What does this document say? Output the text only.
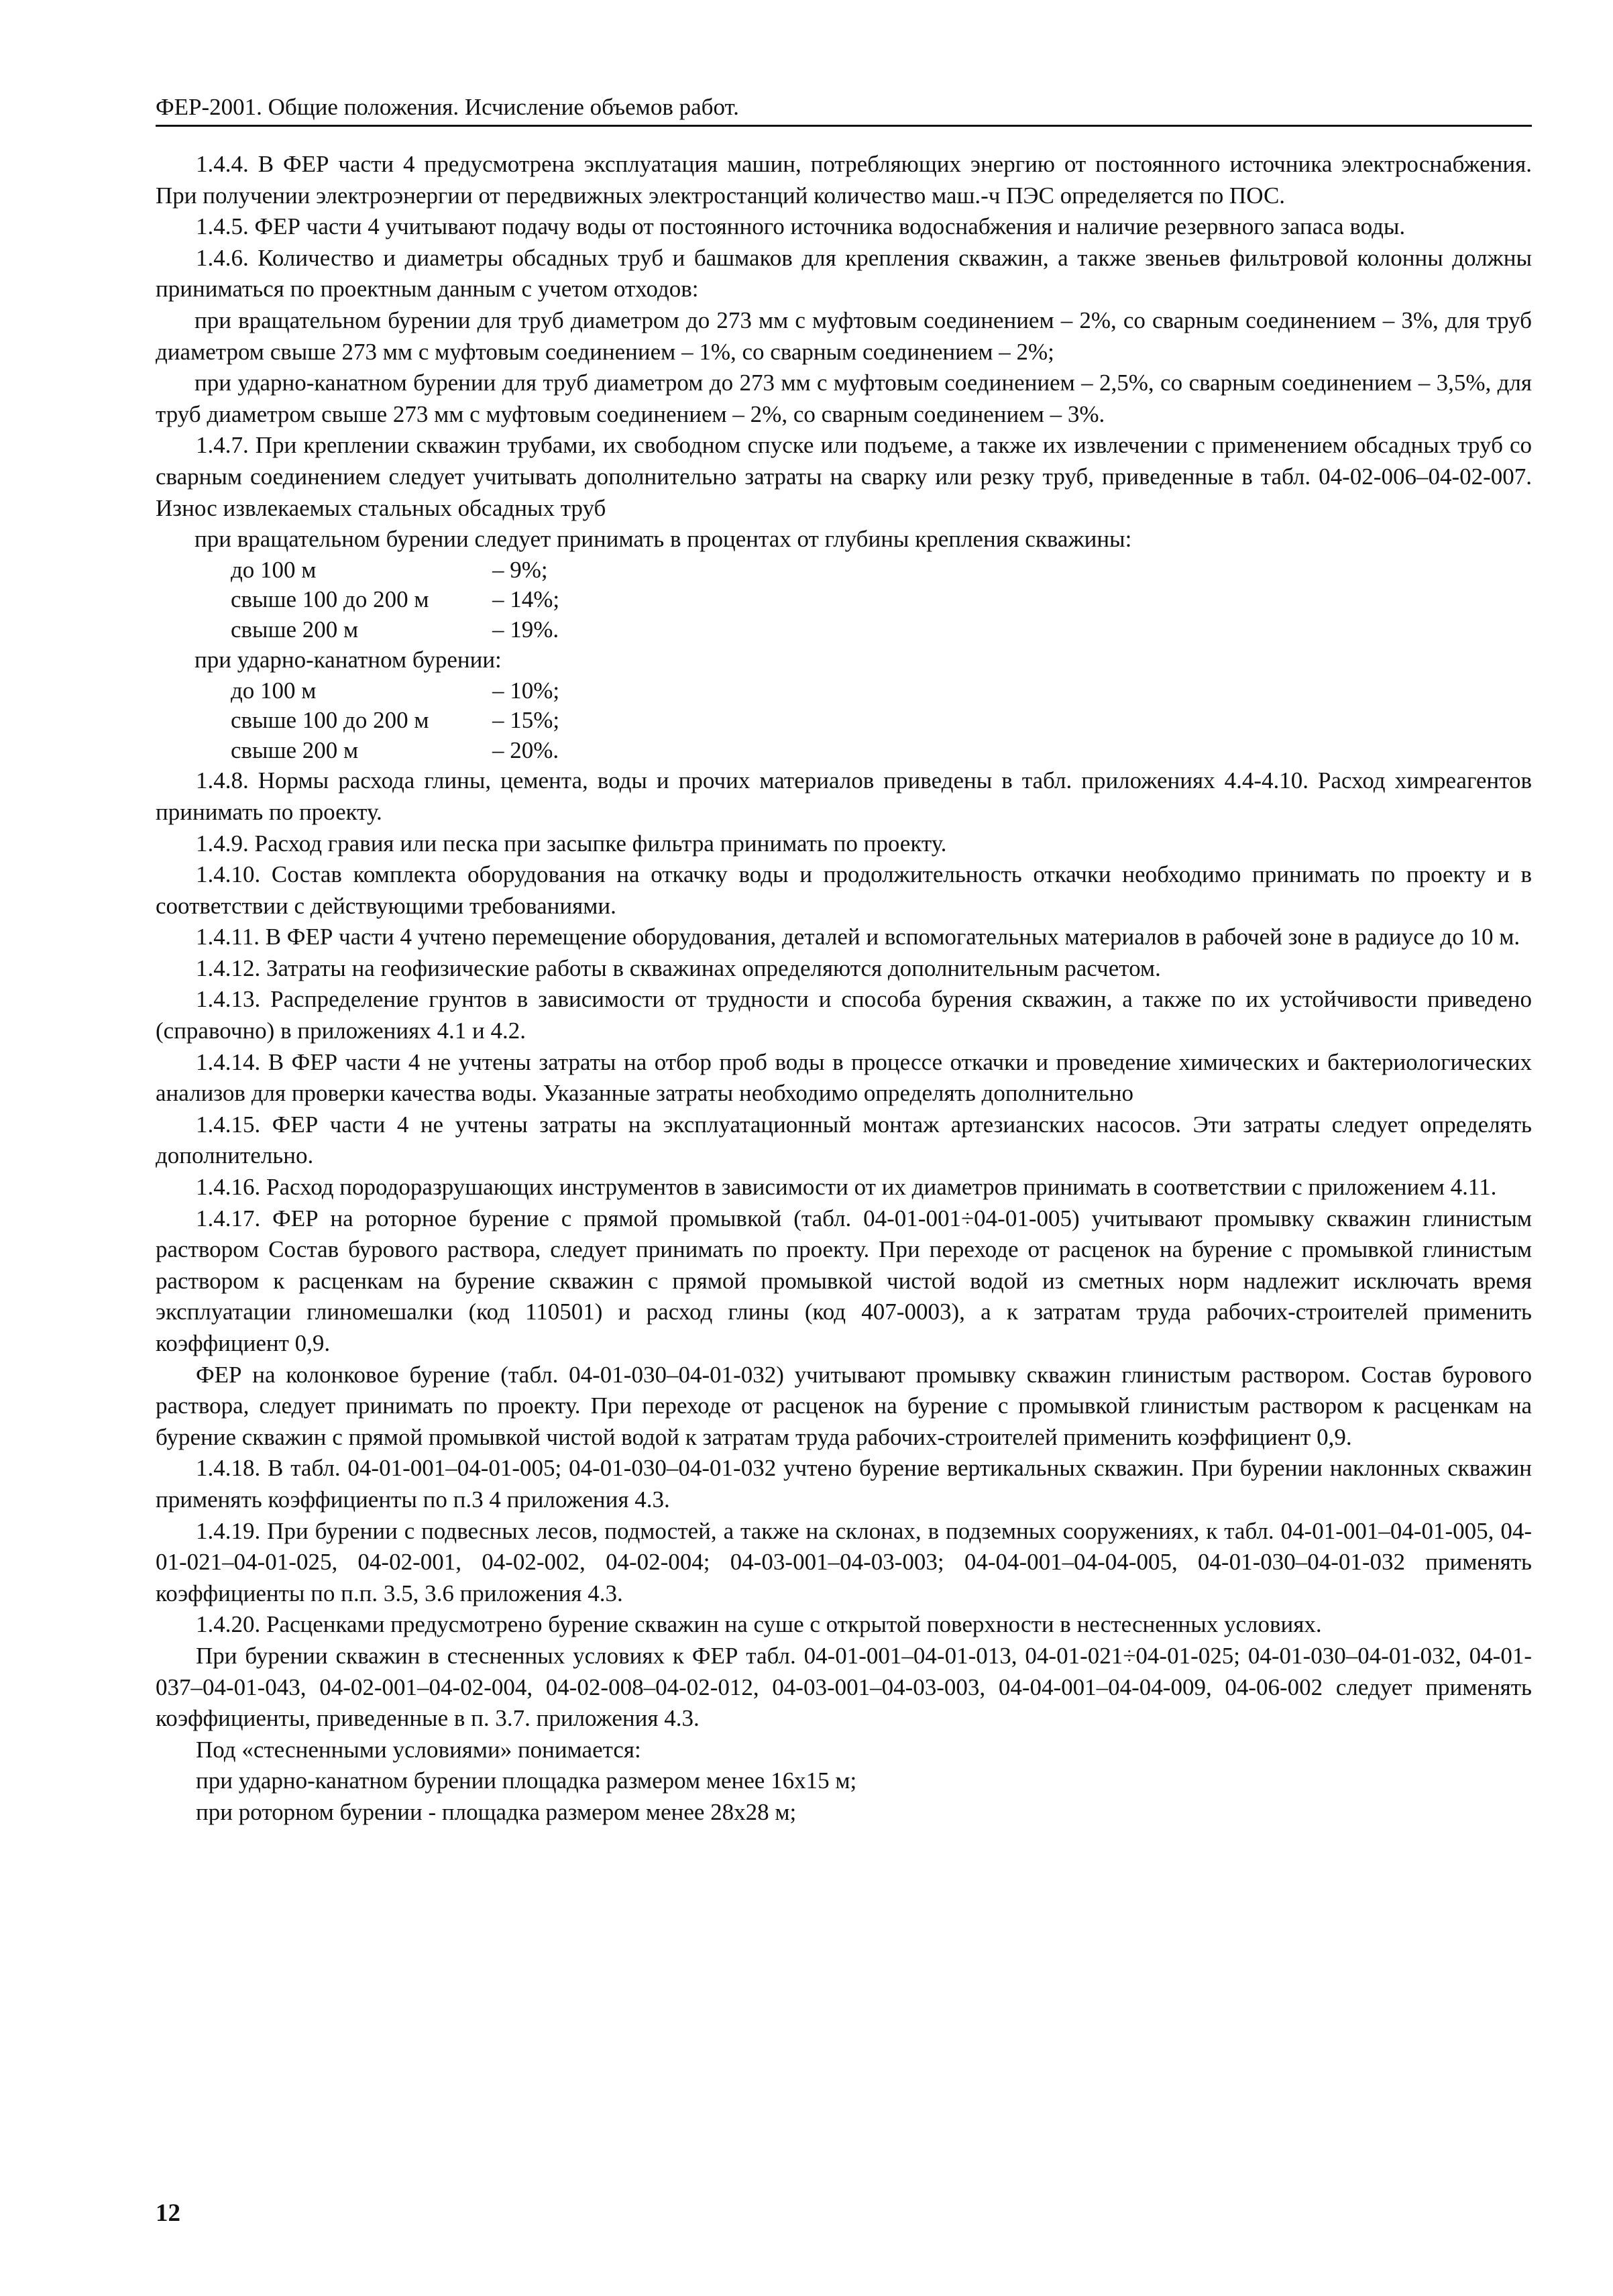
ФЕР-2001. Общие положения. Исчисление объемов работ.

1.4.4. В ФЕР части 4 предусмотрена эксплуатация машин, потребляющих энергию от постоянного источника электроснабжения. При получении электроэнергии от передвижных электростанций количество маш.-ч ПЭС определяется по ПОС.

1.4.5. ФЕР части 4 учитывают подачу воды от постоянного источника водоснабжения и наличие резервного запаса воды.

1.4.6. Количество и диаметры обсадных труб и башмаков для крепления скважин, а также звеньев фильтровой колонны должны приниматься по проектным данным с учетом отходов:

при вращательном бурении для труб диаметром до 273 мм с муфтовым соединением – 2%, со сварным соединением – 3%, для труб диаметром свыше 273 мм с муфтовым соединением – 1%, со сварным соединением – 2%;

при ударно-канатном бурении для труб диаметром до 273 мм с муфтовым соединением – 2,5%, со сварным соединением – 3,5%, для труб диаметром свыше 273 мм с муфтовым соединением – 2%, со сварным соединением – 3%.

1.4.7. При креплении скважин трубами, их свободном спуске или подъеме, а также их извлечении с применением обсадных труб со сварным соединением следует учитывать дополнительно затраты на сварку или резку труб, приведенные в табл. 04-02-006–04-02-007. Износ извлекаемых стальных обсадных труб

при вращательном бурении следует принимать в процентах от глубины крепления скважины:

до 100 м	– 9%;
свыше 100 до 200 м	– 14%;
свыше 200 м	– 19%.

при ударно-канатном бурении:

до 100 м	– 10%;
свыше 100 до 200 м	– 15%;
свыше 200 м	– 20%.

1.4.8. Нормы расхода глины, цемента, воды и прочих материалов приведены в табл. приложениях 4.4-4.10. Расход химреагентов принимать по проекту.

1.4.9. Расход гравия или песка при засыпке фильтра принимать по проекту.

1.4.10. Состав комплекта оборудования на откачку воды и продолжительность откачки необходимо принимать по проекту и в соответствии с действующими требованиями.

1.4.11. В ФЕР части 4 учтено перемещение оборудования, деталей и вспомогательных материалов в рабочей зоне в радиусе до 10 м.

1.4.12. Затраты на геофизические работы в скважинах определяются дополнительным расчетом.

1.4.13. Распределение грунтов в зависимости от трудности и способа бурения скважин, а также по их устойчивости приведено (справочно) в приложениях 4.1 и 4.2.

1.4.14. В ФЕР части 4 не учтены затраты на отбор проб воды в процессе откачки и проведение химических и бактериологических анализов для проверки качества воды. Указанные затраты необходимо определять дополнительно

1.4.15. ФЕР части 4 не учтены затраты на эксплуатационный монтаж артезианских насосов. Эти затраты следует определять дополнительно.

1.4.16. Расход породоразрушающих инструментов в зависимости от их диаметров принимать в соответствии с приложением 4.11.

1.4.17. ФЕР на роторное бурение с прямой промывкой (табл. 04-01-001÷04-01-005) учитывают промывку скважин глинистым раствором Состав бурового раствора, следует принимать по проекту. При переходе от расценок на бурение с промывкой глинистым раствором к расценкам на бурение скважин с прямой промывкой чистой водой из сметных норм надлежит исключать время эксплуатации глиномешалки (код 110501) и расход глины (код 407-0003), а к затратам труда рабочих-строителей применить коэффициент 0,9.

ФЕР на колонковое бурение (табл. 04-01-030–04-01-032) учитывают промывку скважин глинистым раствором. Состав бурового раствора, следует принимать по проекту. При переходе от расценок на бурение с промывкой глинистым раствором к расценкам на бурение скважин с прямой промывкой чистой водой к затратам труда рабочих-строителей применить коэффициент 0,9.

1.4.18. В табл. 04-01-001–04-01-005; 04-01-030–04-01-032 учтено бурение вертикальных скважин. При бурении наклонных скважин применять коэффициенты по п.3 4 приложения 4.3.

1.4.19. При бурении с подвесных лесов, подмостей, а также на склонах, в подземных сооружениях, к табл. 04-01-001–04-01-005, 04-01-021–04-01-025, 04-02-001, 04-02-002, 04-02-004; 04-03-001–04-03-003; 04-04-001–04-04-005, 04-01-030–04-01-032 применять коэффициенты по п.п. 3.5, 3.6 приложения 4.3.

1.4.20. Расценками предусмотрено бурение скважин на суше с открытой поверхности в нестесненных условиях.

При бурении скважин в стесненных условиях к ФЕР табл. 04-01-001–04-01-013, 04-01-021÷04-01-025; 04-01-030–04-01-032, 04-01-037–04-01-043, 04-02-001–04-02-004, 04-02-008–04-02-012, 04-03-001–04-03-003, 04-04-001–04-04-009, 04-06-002 следует применять коэффициенты, приведенные в п. 3.7. приложения 4.3.

Под «стесненными условиями» понимается:

при ударно-канатном бурении площадка размером менее 16х15 м;

при роторном бурении - площадка размером менее 28х28 м;

12
